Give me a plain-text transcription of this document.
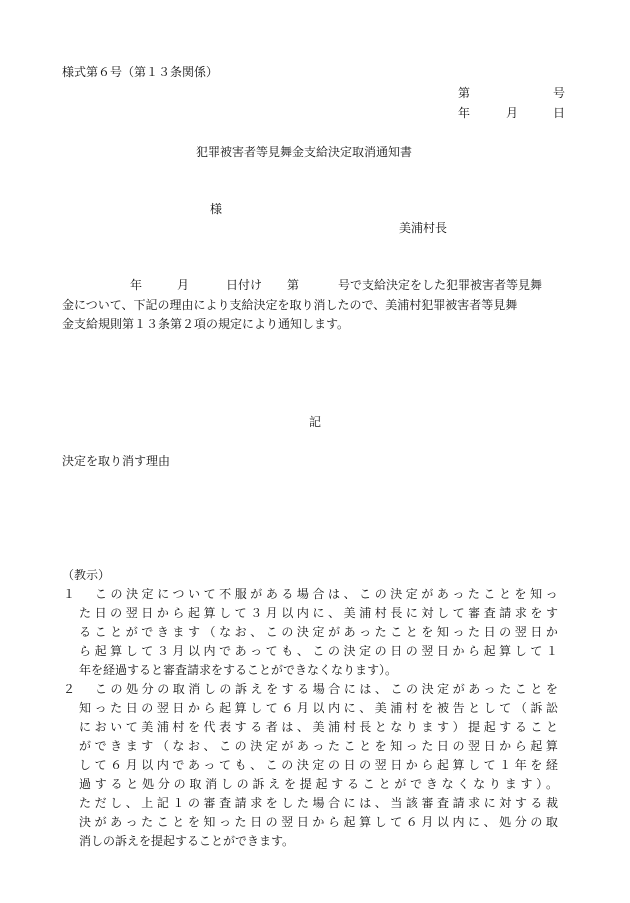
様式第６号（第１３条関係）
第	号
年	月	日
犯罪被害者等見舞金支給決定取消通知書
様
美浦村長
年	月	日付け 第	号で支給決定をした犯罪被害者等見舞
金について、下記の理由により支給決定を取り消したので、美浦村犯罪被害者等見舞
金支給規則第１３条第２項の規定により通知します。
記
決定を取り消す理由
（教示）
１ この決定について不服がある場合は、この決定があったことを知っ
た日の翌日から起算して３月以内に、美浦村長に対して審査請求をす
ることができます（なお、この決定があったことを知った日の翌日か
ら起算して３月以内であっても、この決定の日の翌日から起算して１
年を経過すると審査請求をすることができなくなります）。
２ この処分の取消しの訴えをする場合には、この決定があったことを
知った日の翌日から起算して６月以内に、美浦村を被告として（訴訟
において美浦村を代表する者は、美浦村長となります）提起すること
ができます（なお、この決定があったことを知った日の翌日から起算
して６月以内であっても、この決定の日の翌日から起算して１年を経
過すると処分の取消しの訴えを提起することができなくなります）。
ただし、上記１の審査請求をした場合には、当該審査請求に対する裁
決があったことを知った日の翌日から起算して６月以内に、処分の取
消しの訴えを提起することができます。
